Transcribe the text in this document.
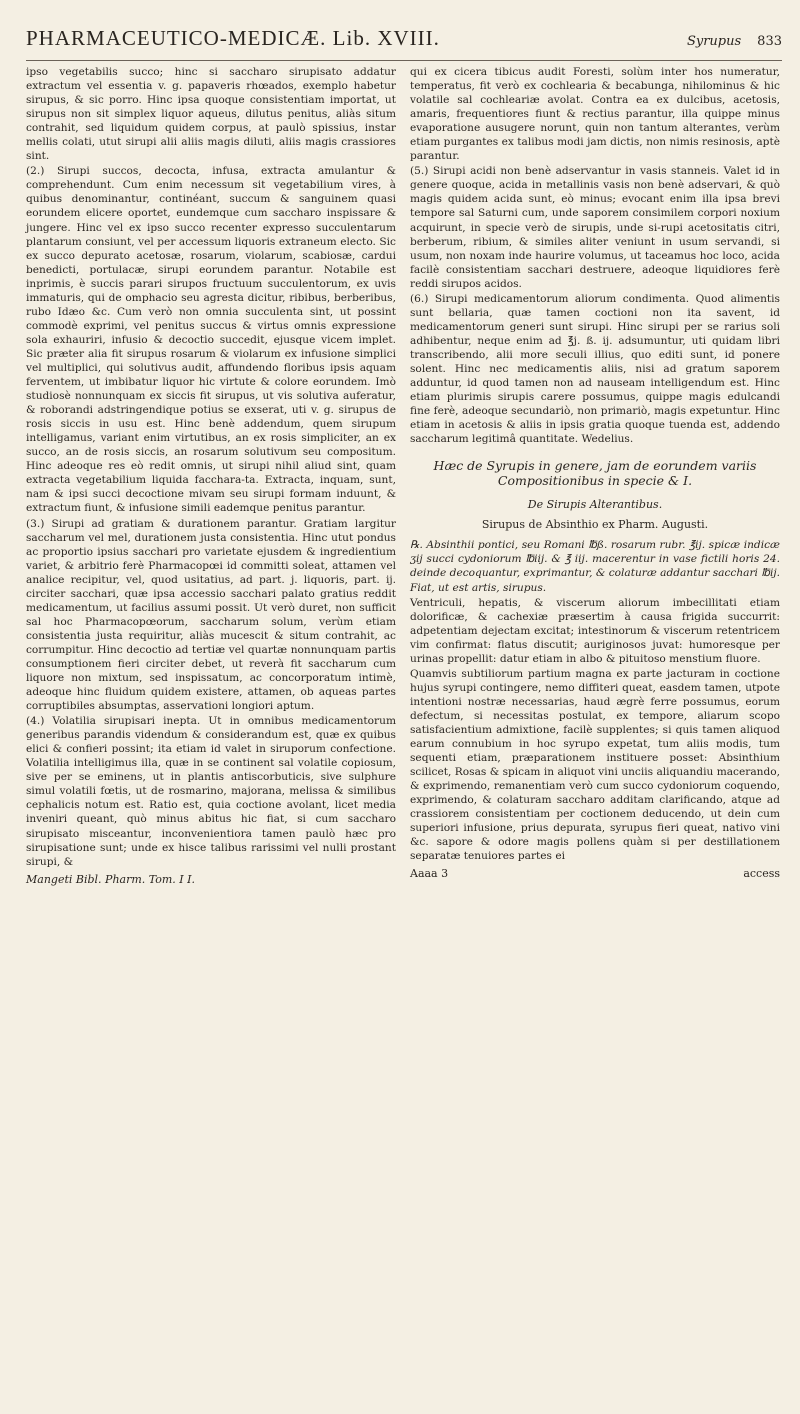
PHARMACEUTICO-MEDICÆ. Lib. XVIII.	Syrupus 833

ipso vegetabilis succo; hinc si saccharo sirupisato addatur extractum vel essentia v. g. papaveris rhœados, exemplo habetur sirupus, & sic porro. Hinc ipsa quoque consistentiam importat, ut sirupus non sit simplex liquor aqueus, dilutus penitus, aliàs situm contrahit, sed liquidum quidem corpus, at paulò spissius, instar mellis colati, utut sirupi alii aliis magis diluti, aliis magis crassiores sint.

(2.) Sirupi succos, decocta, infusa, extracta amulantur & comprehendunt. Cum enim necessum sit vegetabilium vires, à quibus denominantur, continéant, succum & sanguinem quasi eorundem elicere oportet, eundemque cum saccharo inspissare & jungere. Hinc vel ex ipso succo recenter expresso succulentarum plantarum consiunt, vel per accessum liquoris extraneum electo. Sic ex succo depurato acetosæ, rosarum, violarum, scabiosæ, cardui benedicti, portulacæ, sirupi eorundem parantur. Notabile est inprimis, è succis parari sirupos fructuum succulentorum, ex uvis immaturis, qui de omphacio seu agresta dicitur, ribibus, berberibus, rubo Idæo &c. Cum verò non omnia succulenta sint, ut possint commodè exprimi, vel penitus succus & virtus omnis expressione sola exhauriri, infusio & decoctio succedit, ejusque vicem implet. Sic præter alia fit sirupus rosarum & violarum ex infusione simplici vel multiplici, qui solutivus audit, affundendo floribus ipsis aquam ferventem, ut imbibatur liquor hic virtute & colore eorundem. Imò studiosè nonnunquam ex siccis fit sirupus, ut vis solutiva auferatur, & roborandi adstringendique potius se exserat, uti v. g. sirupus de rosis siccis in usu est. Hinc benè addendum, quem sirupum intelligamus, variant enim virtutibus, an ex rosis simpliciter, an ex succo, an de rosis siccis, an rosarum solutivum seu compositum. Hinc adeoque res eò redit omnis, ut sirupi nihil aliud sint, quam extracta vegetabilium liquida facchara-ta. Extracta, inquam, sunt, nam & ipsi succi decoctione mivam seu sirupi formam induunt, & extractum fiunt, & infusione simili eademque penitus parantur.

(3.) Sirupi ad gratiam & durationem parantur. Gratiam largitur saccharum vel mel, durationem justa consistentia. Hinc utut pondus ac proportio ipsius sacchari pro varietate ejusdem & ingredientium variet, & arbitrio ferè Pharmacopœi id committi soleat, attamen vel analice recipitur, vel, quod usitatius, ad part. j. liquoris, part. ij. circiter sacchari, quæ ipsa accessio sacchari palato gratius reddit medicamentum, ut facilius assumi possit. Ut verò duret, non sufficit sal hoc Pharmacopœorum, saccharum solum, verùm etiam consistentia justa requiritur, aliàs mucescit & situm contrahit, ac corrumpitur. Hinc decoctio ad tertiæ vel quartæ nonnunquam partis consumptionem fieri circiter debet, ut reverà fit saccharum cum liquore non mixtum, sed inspissatum, ac concorporatum intimè, adeoque hinc fluidum quidem existere, attamen, ob aqueas partes corruptibiles absumptas, asservationi longiori aptum.

(4.) Volatilia sirupisari inepta. Ut in omnibus medicamentorum generibus parandis videndum & considerandum est, quæ ex quibus elici & confieri possint; ita etiam id valet in siruporum confectione. Volatilia intelligimus illa, quæ in se continent sal volatile copiosum, sive per se eminens, ut in plantis antiscorbuticis, sive sulphure simul volatili fœtis, ut de rosmarino, majorana, melissa & similibus cephalicis notum est. Ratio est, quia coctione avolant, licet media inveniri queant, quò minus abitus hic fiat, si cum saccharo sirupisato misceantur, inconvenientiora tamen paulò hæc pro sirupisatione sunt; unde ex hisce talibus rarissimi vel nulli prostant sirupi, &

Mangeti Bibl. Pharm. Tom. I I.

qui ex cicera tibicus audit Foresti, solùm inter hos numeratur, temperatus, fit verò ex cochlearia & becabunga, nihilominus & hic volatile sal cochleariæ avolat. Contra ea ex dulcibus, acetosis, amaris, frequentiores fiunt & rectius parantur, illa quippe minus evaporatione ausugere norunt, quin non tantum alterantes, verùm etiam purgantes ex talibus modi jam dictis, non nimis resinosis, aptè parantur.

(5.) Sirupi acidi non benè adservantur in vasis stanneis. Valet id in genere quoque, acida in metallinis vasis non benè adservari, & quò magis quidem acida sunt, eò minus; evocant enim illa ipsa brevi tempore sal Saturni cum, unde saporem consimilem corpori noxium acquirunt, in specie verò de sirupis, unde si-rupi acetositatis citri, berberum, ribium, & similes aliter veniunt in usum servandi, si usum, non noxam inde haurire volumus, ut taceamus hoc loco, acida facilè consistentiam sacchari destruere, adeoque liquidiores ferè reddi sirupos acidos.

(6.) Sirupi medicamentorum aliorum condimenta. Quod alimentis sunt bellaria, quæ tamen coctioni non ita savent, id medicamentorum generi sunt sirupi. Hinc sirupi per se rarius soli adhibentur, neque enim ad ℥j. ß. ij. adsumuntur, uti quidam libri transcribendo, alii more seculi illius, quo editi sunt, id ponere solent. Hinc nec medicamentis aliis, nisi ad gratum saporem adduntur, id quod tamen non ad nauseam intelligendum est. Hinc etiam plurimis sirupis carere possumus, quippe magis edulcandi fine ferè, adeoque secundariò, non primariò, magis expetuntur. Hinc etiam in acetosis & aliis in ipsis gratia quoque tuenda est, addendo saccharum legitimâ quantitate. Wedelius.

Hæc de Syrupis in genere, jam de eorundem variis Compositionibus in specie & I.
De Sirupis Alterantibus.
Sirupus de Absinthio ex Pharm. Augusti.

℞. Absinthii pontici, seu Romani ℔ß. rosarum rubr. ℥ij. spicæ indicæ ʒij succi cydoniorum ℔iij. & ℥ iij. macerentur in vase fictili horis 24. deinde decoquantur, exprimantur, & colaturæ addantur sacchari ℔ij. Fiat, ut est artis, sirupus.

Ventriculi, hepatis, & viscerum aliorum imbecillitati etiam dolorificæ, & cachexiæ præsertim à causa frigida succurrit: adpetentiam dejectam excitat; intestinorum & viscerum retentricem vim confirmat: flatus discutit; auriginosos juvat: humoresque per urinas propellit: datur etiam in albo & pituitoso menstium fluore.

Quamvis subtiliorum partium magna ex parte jacturam in coctione hujus syrupi contingere, nemo diffiteri queat, easdem tamen, utpote intentioni nostræ necessarias, haud ægrè ferre possumus, eorum defectum, si necessitas postulat, ex tempore, aliarum scopo satisfacientium admixtione, facilè supplentes; si quis tamen aliquod earum connubium in hoc syrupo expetat, tum aliis modis, tum sequenti etiam, præparationem instituere posset: Absinthium scilicet, Rosas & spicam in aliquot vini unciis aliquandiu macerando, & exprimendo, remanentiam verò cum succo cydoniorum coquendo, exprimendo, & colaturam saccharo additam clarificando, atque ad crassiorem consistentiam per coctionem deducendo, ut dein cum superiori infusione, prius depurata, syrupus fieri queat, nativo vini &c. sapore & odore magis pollens quàm si per destillationem separatæ tenuiores partes ei

Aaaa 3	access
